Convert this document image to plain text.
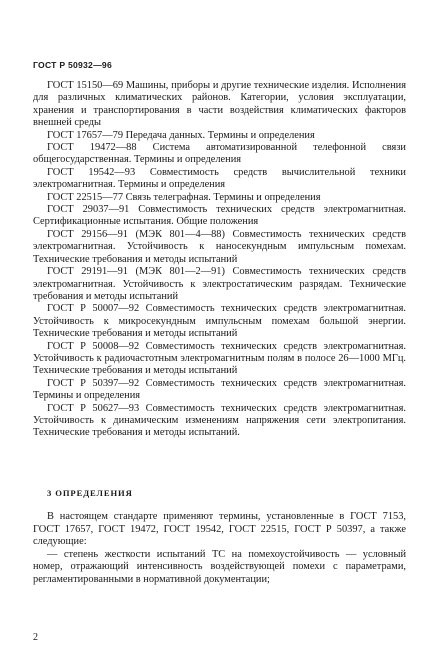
ГОСТ Р 50932—96

ГОСТ 15150—69 Машины, приборы и другие технические изделия. Исполнения для различных климатических районов. Категории, условия эксплуатации, хранения и транспортирования в части воздействия климатических факторов внешней среды

ГОСТ 17657—79 Передача данных. Термины и определения

ГОСТ 19472—88 Система автоматизированной телефонной связи общегосударственная. Термины и определения

ГОСТ 19542—93 Совместимость средств вычислительной техники электромагнитная. Термины и определения

ГОСТ 22515—77 Связь телеграфная. Термины и определения

ГОСТ 29037—91 Совместимость технических средств электромагнитная. Сертификационные испытания. Общие положения

ГОСТ 29156—91 (МЭК 801—4—88) Совместимость технических средств электромагнитная. Устойчивость к наносекундным импульсным помехам. Технические требования и методы испытаний

ГОСТ 29191—91 (МЭК 801—2—91) Совместимость технических средств электромагнитная. Устойчивость к электростатическим разрядам. Технические требования и методы испытаний

ГОСТ Р 50007—92 Совместимость технических средств электромагнитная. Устойчивость к микросекундным импульсным помехам большой энергии. Технические требования и методы испытаний

ГОСТ Р 50008—92 Совместимость технических средств электромагнитная. Устойчивость к радиочастотным электромагнитным полям в полосе 26—1000 МГц. Технические требования и методы испытаний

ГОСТ Р 50397—92 Совместимость технических средств электромагнитная. Термины и определения

ГОСТ Р 50627—93 Совместимость технических средств электромагнитная. Устойчивость к динамическим изменениям напряжения сети электропитания. Технические требования и методы испытаний.

3 ОПРЕДЕЛЕНИЯ

В настоящем стандарте применяют термины, установленные в ГОСТ 7153, ГОСТ 17657, ГОСТ 19472, ГОСТ 19542, ГОСТ 22515, ГОСТ Р 50397, а также следующие:

— степень жесткости испытаний ТС на помехоустойчивость — условный номер, отражающий интенсивность воздействующей помехи с параметрами, регламентированными в нормативной документации;

2
